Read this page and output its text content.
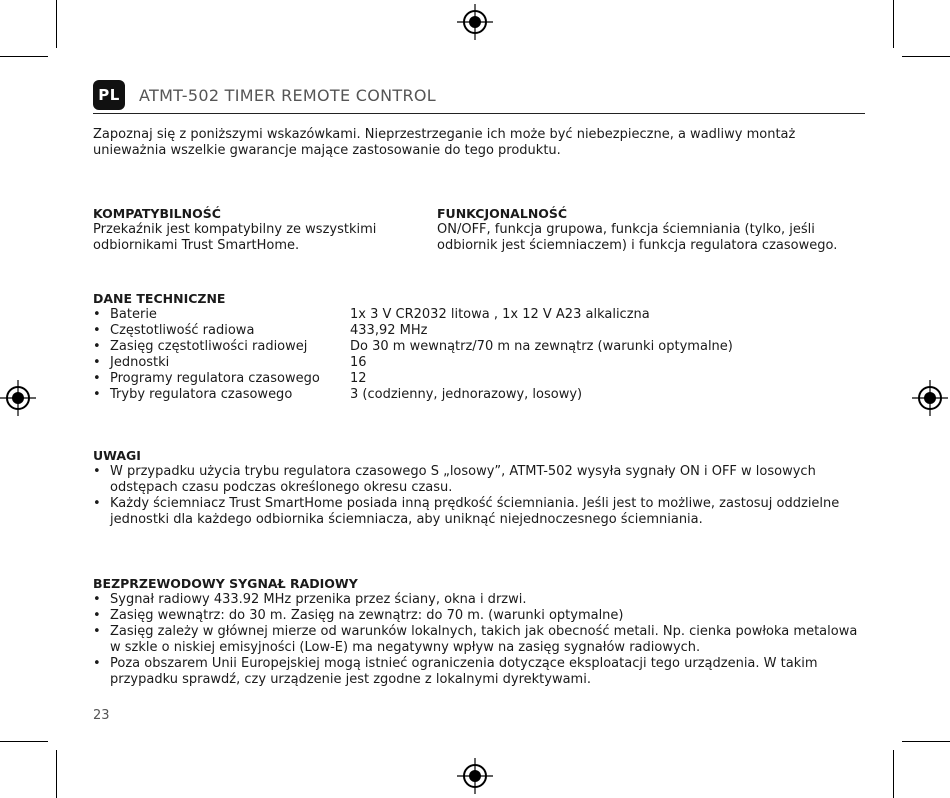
PL	ATMT-502 TIMER REMOTE CONTROL
Zapoznaj się z poniższymi wskazówkami. Nieprzestrzeganie ich może być niebezpieczne, a wadliwy montaż unieważnia wszelkie gwarancje mające zastosowanie do tego produktu.

KOMPATYBILNOŚĆ

Przekaźnik jest kompatybilny ze wszystkimi odbiornikami Trust SmartHome.

FUNKCJONALNOŚĆ

ON/OFF, funkcja grupowa, funkcja ściemniania (tylko, jeśli odbiornik jest ściemniaczem) i funkcja regulatora czasowego.

DANE TECHNICZNE

• Baterie	1x 3 V CR2032 litowa , 1x 12 V A23 alkaliczna
• Częstotliwość radiowa	433,92 MHz
• Zasięg częstotliwości radiowej	Do 30 m wewnątrz/70 m na zewnątrz (warunki optymalne)
• Jednostki	16
• Programy regulatora czasowego	12
• Tryby regulatora czasowego	3 (codzienny, jednorazowy, losowy)

UWAGI

• W przypadku użycia trybu regulatora czasowego S „losowy”, ATMT-502 wysyła sygnały ON i OFF w losowych odstępach czasu podczas określonego okresu czasu.
• Każdy ściemniacz Trust SmartHome posiada inną prędkość ściemniania. Jeśli jest to możliwe, zastosuj oddzielne jednostki dla każdego odbiornika ściemniacza, aby uniknąć niejednoczesnego ściemniania.

BEZPRZEWODOWY SYGNAŁ RADIOWY

• Sygnał radiowy 433.92 MHz przenika przez ściany, okna i drzwi.
• Zasięg wewnątrz: do 30 m. Zasięg na zewnątrz: do 70 m. (warunki optymalne)
• Zasięg zależy w głównej mierze od warunków lokalnych, takich jak obecność metali. Np. cienka powłoka metalowa w szkle o niskiej emisyjności (Low-E) ma negatywny wpływ na zasięg sygnałów radiowych.
• Poza obszarem Unii Europejskiej mogą istnieć ograniczenia dotyczące eksploatacji tego urządzenia. W takim przypadku sprawdź, czy urządzenie jest zgodne z lokalnymi dyrektywami.
23
